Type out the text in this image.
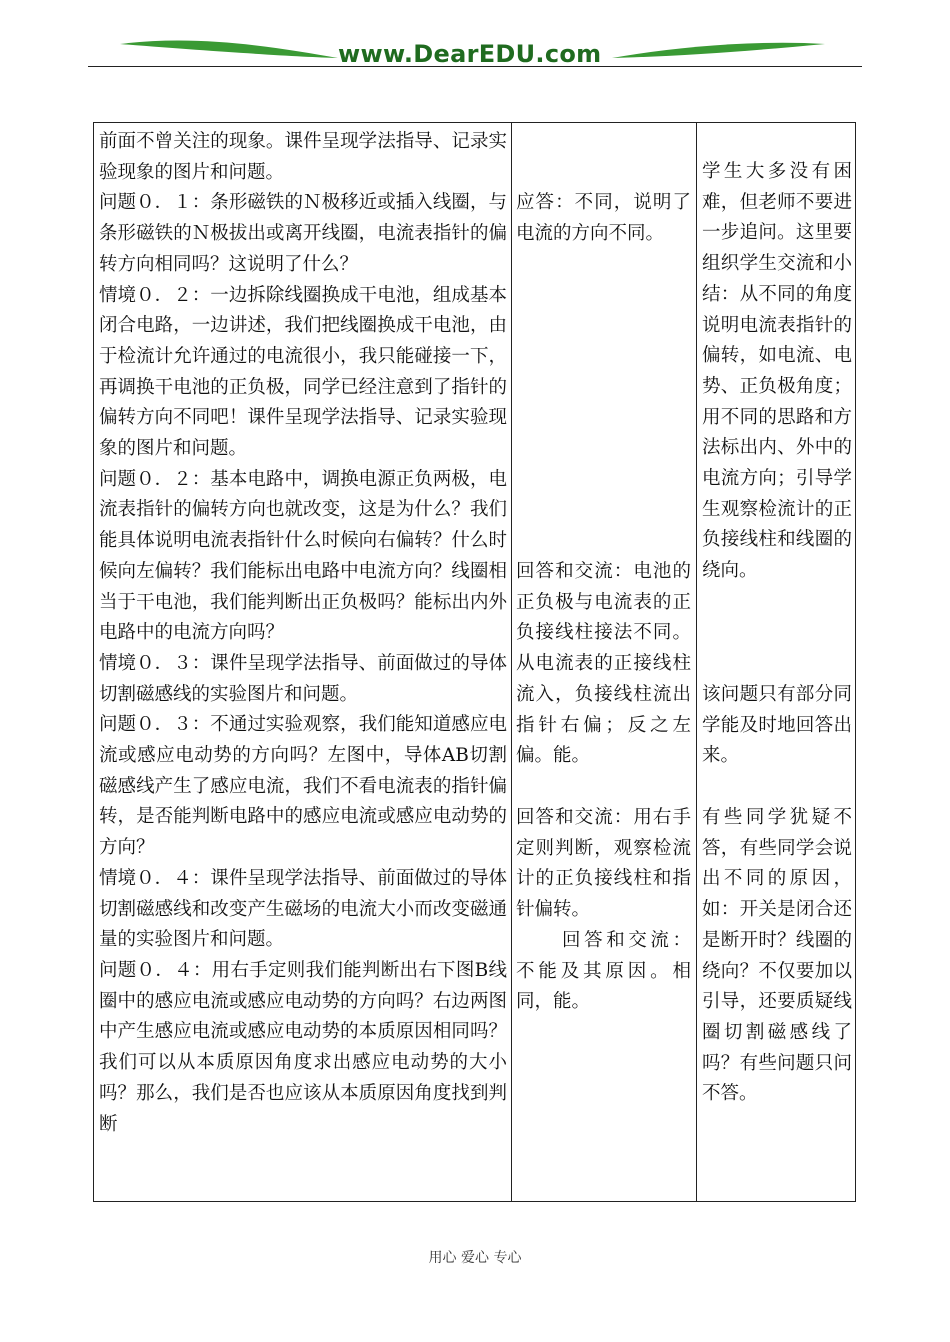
www.DearEDU.com

前面不曾关注的现象。课件呈现学法指导、记录实验现象的图片和问题。

问题０．１：条形磁铁的Ｎ极移近或插入线圈，与条形磁铁的Ｎ极拔出或离开线圈，电流表指针的偏转方向相同吗？这说明了什么？

情境０．２：一边拆除线圈换成干电池，组成基本闭合电路，一边讲述，我们把线圈换成干电池，由于检流计允许通过的电流很小，我只能碰接一下，再调换干电池的正负极，同学已经注意到了指针的偏转方向不同吧！课件呈现学法指导、记录实验现象的图片和问题。

问题０．２：基本电路中，调换电源正负两极，电流表指针的偏转方向也就改变，这是为什么？我们能具体说明电流表指针什么时候向右偏转？什么时候向左偏转？我们能标出电路中电流方向？线圈相当于干电池，我们能判断出正负极吗？能标出内外电路中的电流方向吗？

情境０．３：课件呈现学法指导、前面做过的导体切割磁感线的实验图片和问题。

问题０．３：不通过实验观察，我们能知道感应电流或感应电动势的方向吗？左图中，导体AB切割磁感线产生了感应电流，我们不看电流表的指针偏转，是否能判断电路中的感应电流或感应电动势的方向？

情境０．４：课件呈现学法指导、前面做过的导体切割磁感线和改变产生磁场的电流大小而改变磁通量的实验图片和问题。

问题０．４：用右手定则我们能判断出右下图B线圈中的感应电流或感应电动势的方向吗？右边两图中产生感应电流或感应电动势的本质原因相同吗？我们可以从本质原因角度求出感应电动势的大小吗？那么，我们是否也应该从本质原因角度找到判断

应答：不同，说明了电流的方向不同。

回答和交流：电池的正负极与电流表的正负接线柱接法不同。从电流表的正接线柱流入，负接线柱流出指针右偏；反之左偏。能。

回答和交流：用右手定则判断，观察检流计的正负接线柱和指针偏转。

回答和交流：不能及其原因。相同，能。

学生大多没有困难，但老师不要进一步追问。这里要组织学生交流和小结：从不同的角度说明电流表指针的偏转，如电流、电势、正负极角度；用不同的思路和方法标出内、外中的电流方向；引导学生观察检流计的正负接线柱和线圈的绕向。

该问题只有部分同学能及时地回答出来。

有些同学犹疑不答，有些同学会说出不同的原因，如：开关是闭合还是断开时？线圈的绕向？不仅要加以引导，还要质疑线圈切割磁感线了吗？有些问题只问不答。

用心 爱心 专心
